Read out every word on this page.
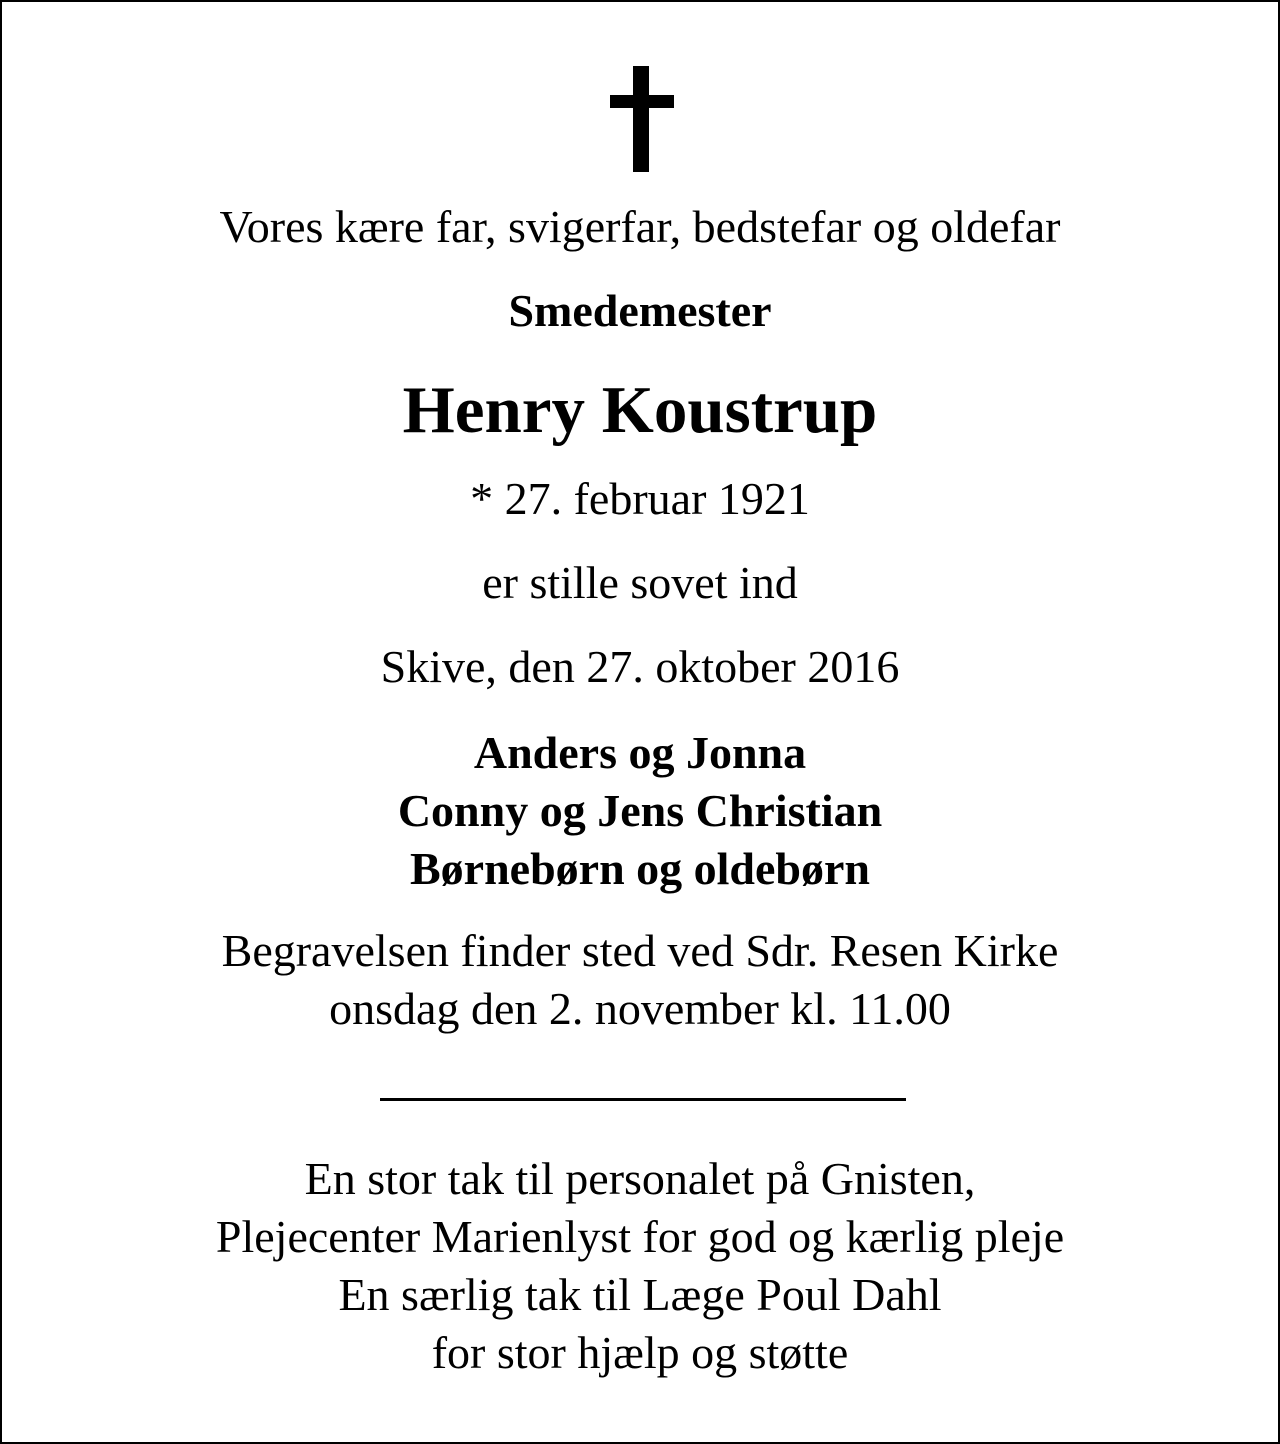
Vores kære far, svigerfar, bedstefar og oldefar
Smedemester
Henry Koustrup
* 27. februar 1921
er stille sovet ind
Skive, den 27. oktober 2016
Anders og Jonna
Conny og Jens Christian
Børnebørn og oldebørn
Begravelsen finder sted ved Sdr. Resen Kirke
onsdag den 2. november kl. 11.00
En stor tak til personalet på Gnisten,
Plejecenter Marienlyst for god og kærlig pleje
En særlig tak til Læge Poul Dahl
for stor hjælp og støtte
